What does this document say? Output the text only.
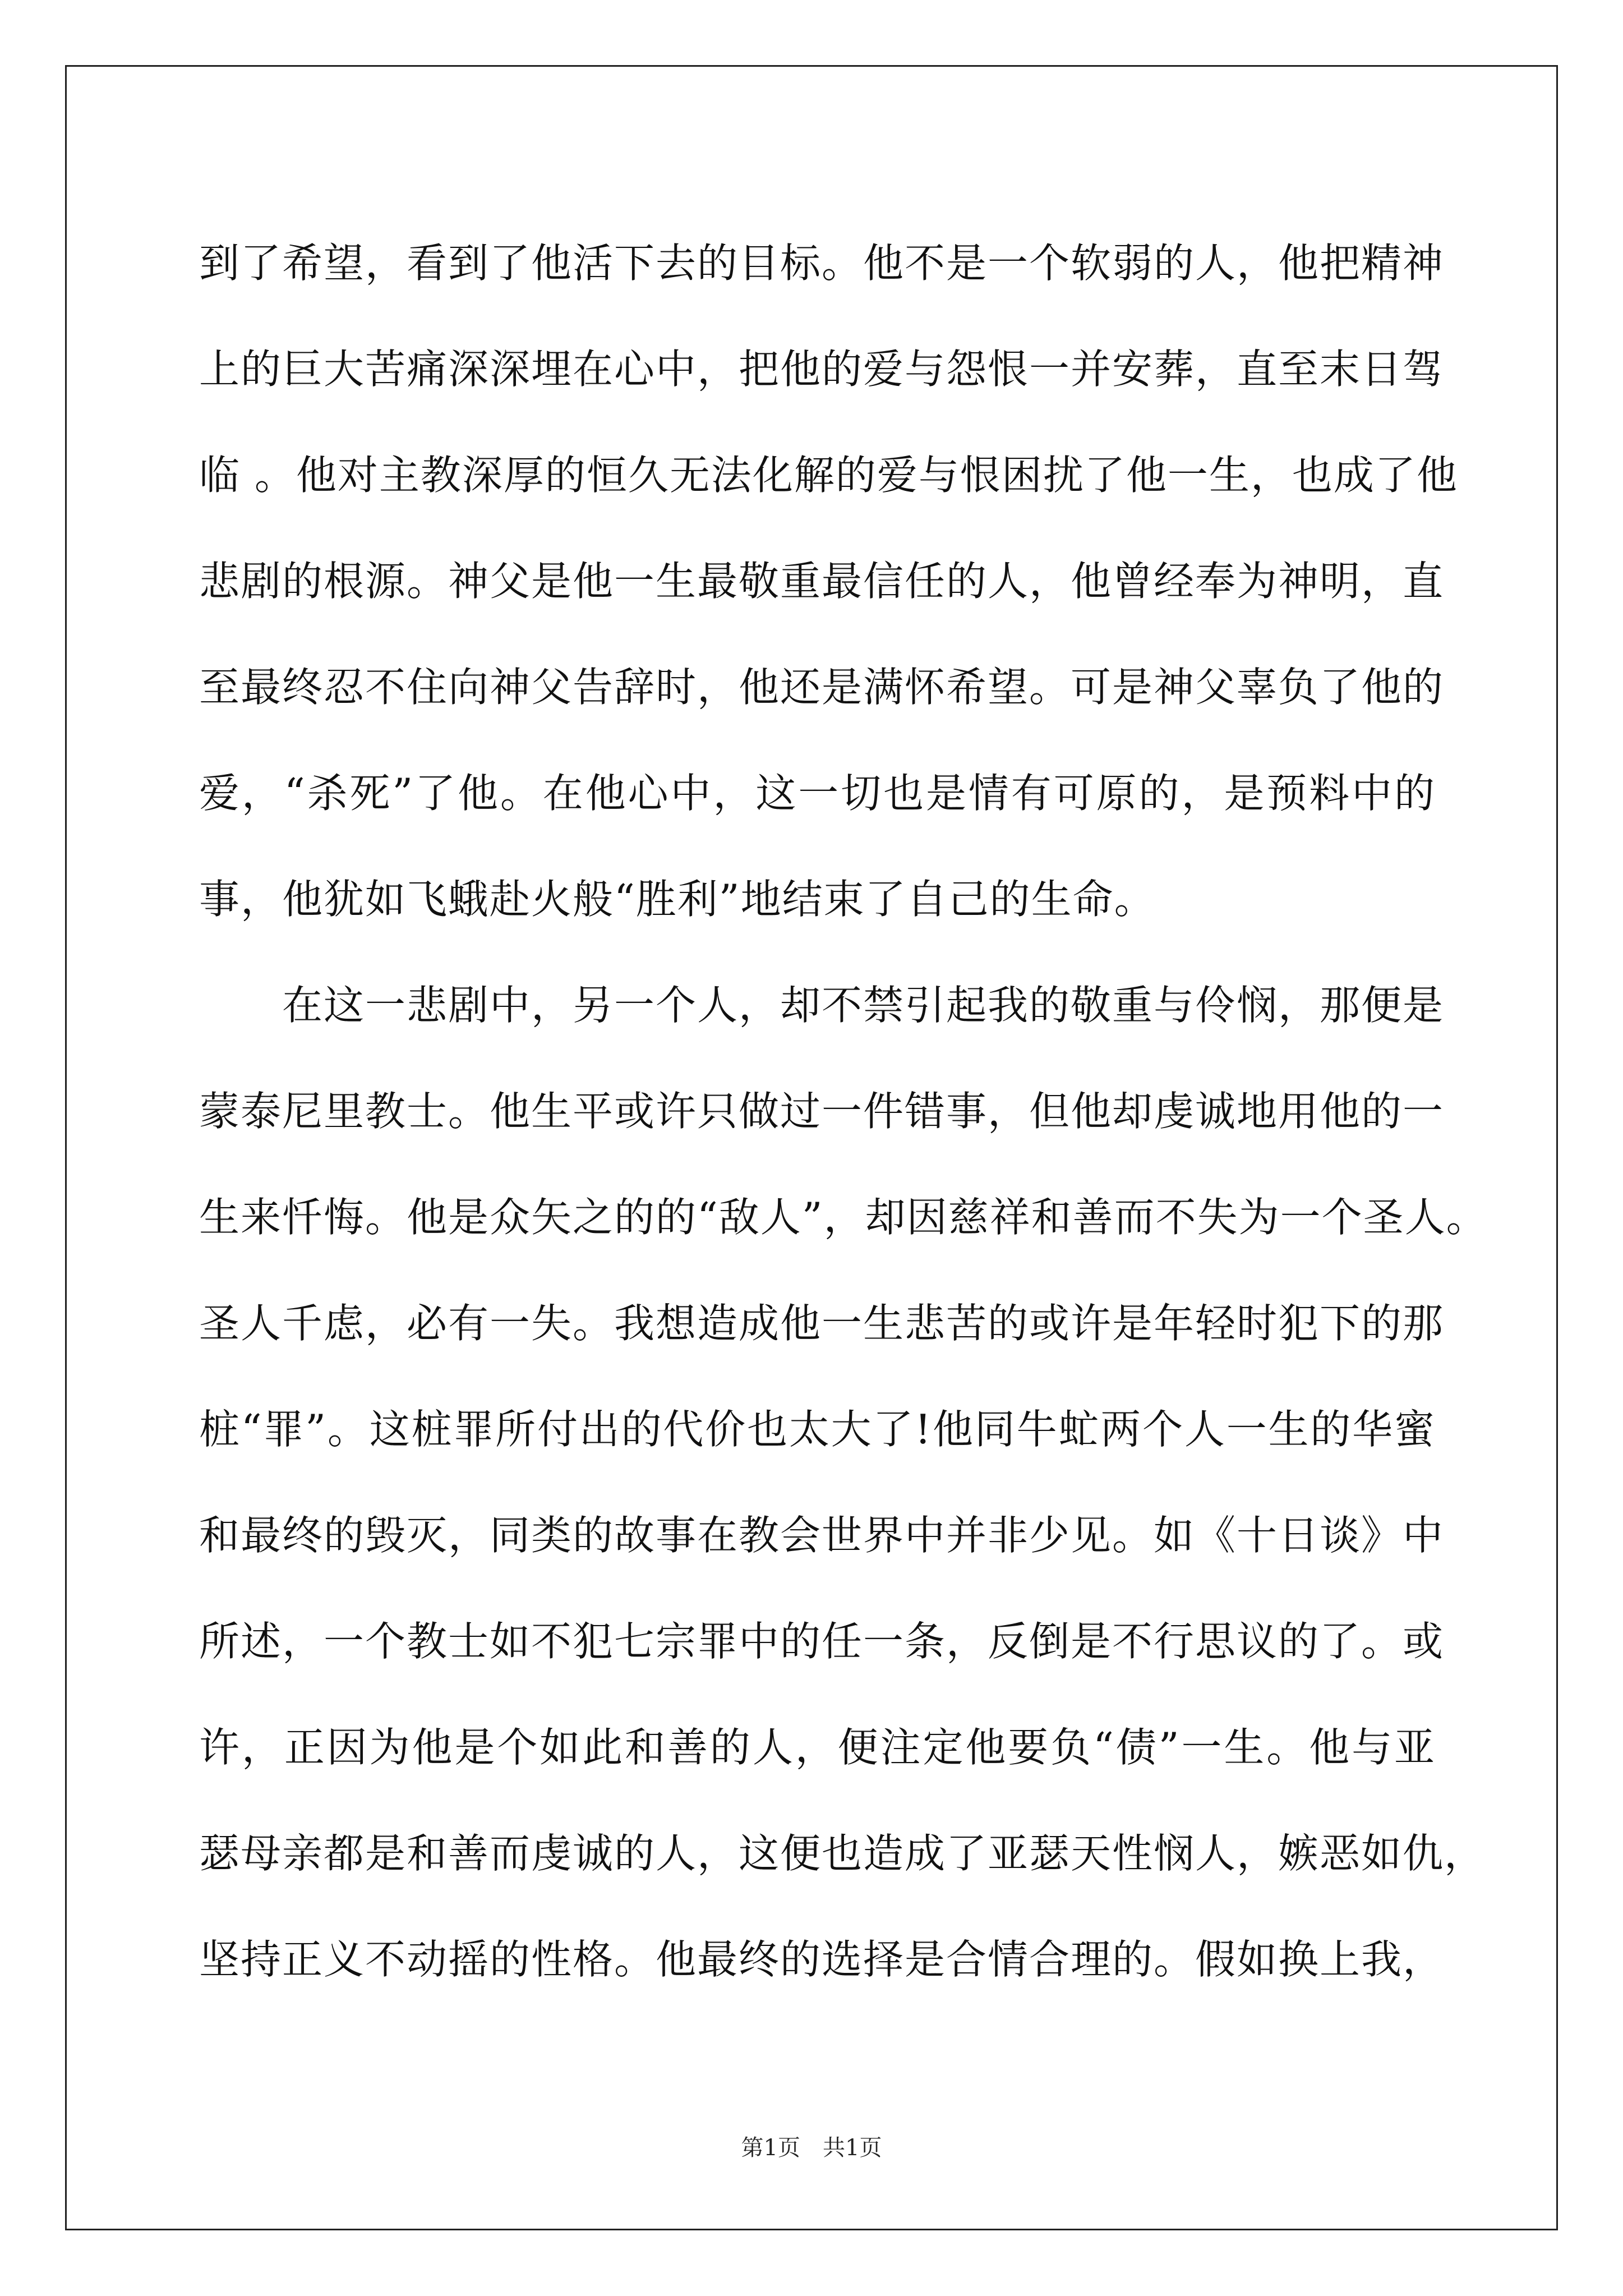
到了希望，看到了他活下去的目标。他不是一个软弱的人，他把精神
上的巨大苦痛深深埋在心中，把他的爱与怨恨一并安葬，直至末日驾
临 。他对主教深厚的恒久无法化解的爱与恨困扰了他一生，也成了他
悲剧的根源。神父是他一生最敬重最信任的人，他曾经奉为神明，直
至最终忍不住向神父告辞时，他还是满怀希望。可是神父辜负了他的
爱，“杀死”了他。在他心中，这一切也是情有可原的，是预料中的
事，他犹如飞蛾赴火般“胜利”地结束了自己的生命。
在这一悲剧中，另一个人，却不禁引起我的敬重与伶悯，那便是
蒙泰尼里教士。他生平或许只做过一件错事，但他却虔诚地用他的一
生来忏悔。他是众矢之的的“敌人”，却因慈祥和善而不失为一个圣人。
圣人千虑，必有一失。我想造成他一生悲苦的或许是年轻时犯下的那
桩“罪”。这桩罪所付出的代价也太大了!他同牛虻两个人一生的华蜜
和最终的毁灭，同类的故事在教会世界中并非少见。如《十日谈》中
所述，一个教士如不犯七宗罪中的任一条，反倒是不行思议的了。或
许，正因为他是个如此和善的人，便注定他要负“债”一生。他与亚
瑟母亲都是和善而虔诚的人，这便也造成了亚瑟天性悯人，嫉恶如仇，
坚持正义不动摇的性格。他最终的选择是合情合理的。假如换上我，
第1页　共1页
